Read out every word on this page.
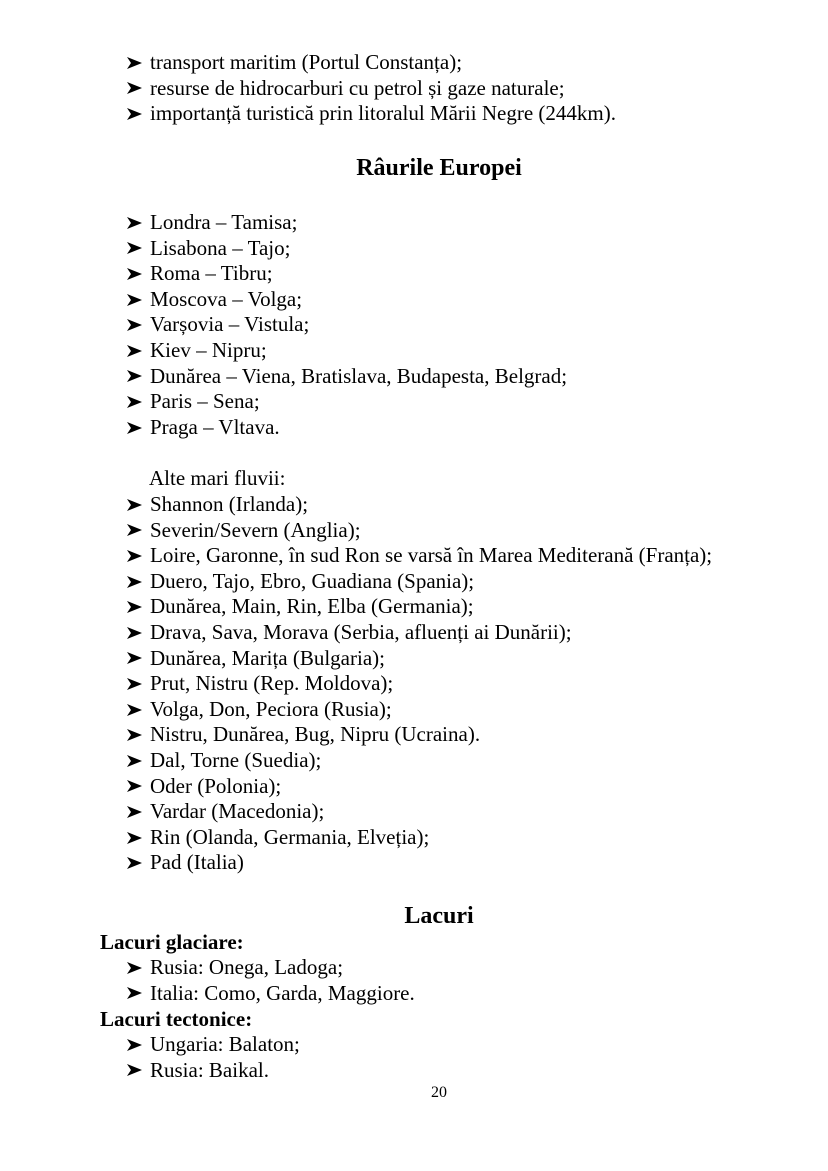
transport maritim (Portul Constanța);
resurse de hidrocarburi cu petrol și gaze naturale;
importanță turistică prin litoralul Mării Negre (244km).
Râurile Europei
Londra – Tamisa;
Lisabona – Tajo;
Roma – Tibru;
Moscova – Volga;
Varșovia – Vistula;
Kiev – Nipru;
Dunărea – Viena, Bratislava, Budapesta, Belgrad;
Paris – Sena;
Praga – Vltava.
Alte mari fluvii:
Shannon (Irlanda);
Severin/Severn (Anglia);
Loire, Garonne, în sud Ron se varsă în Marea Mediterană (Franța);
Duero, Tajo, Ebro, Guadiana (Spania);
Dunărea, Main, Rin, Elba (Germania);
Drava, Sava, Morava (Serbia, afluenți ai Dunării);
Dunărea, Marița (Bulgaria);
Prut, Nistru (Rep. Moldova);
Volga, Don, Peciora (Rusia);
Nistru, Dunărea, Bug, Nipru (Ucraina).
Dal, Torne (Suedia);
Oder (Polonia);
Vardar (Macedonia);
Rin (Olanda, Germania, Elveția);
Pad (Italia)
Lacuri
Lacuri glaciare:
Rusia: Onega, Ladoga;
Italia: Como, Garda, Maggiore.
Lacuri tectonice:
Ungaria: Balaton;
Rusia: Baikal.
20
